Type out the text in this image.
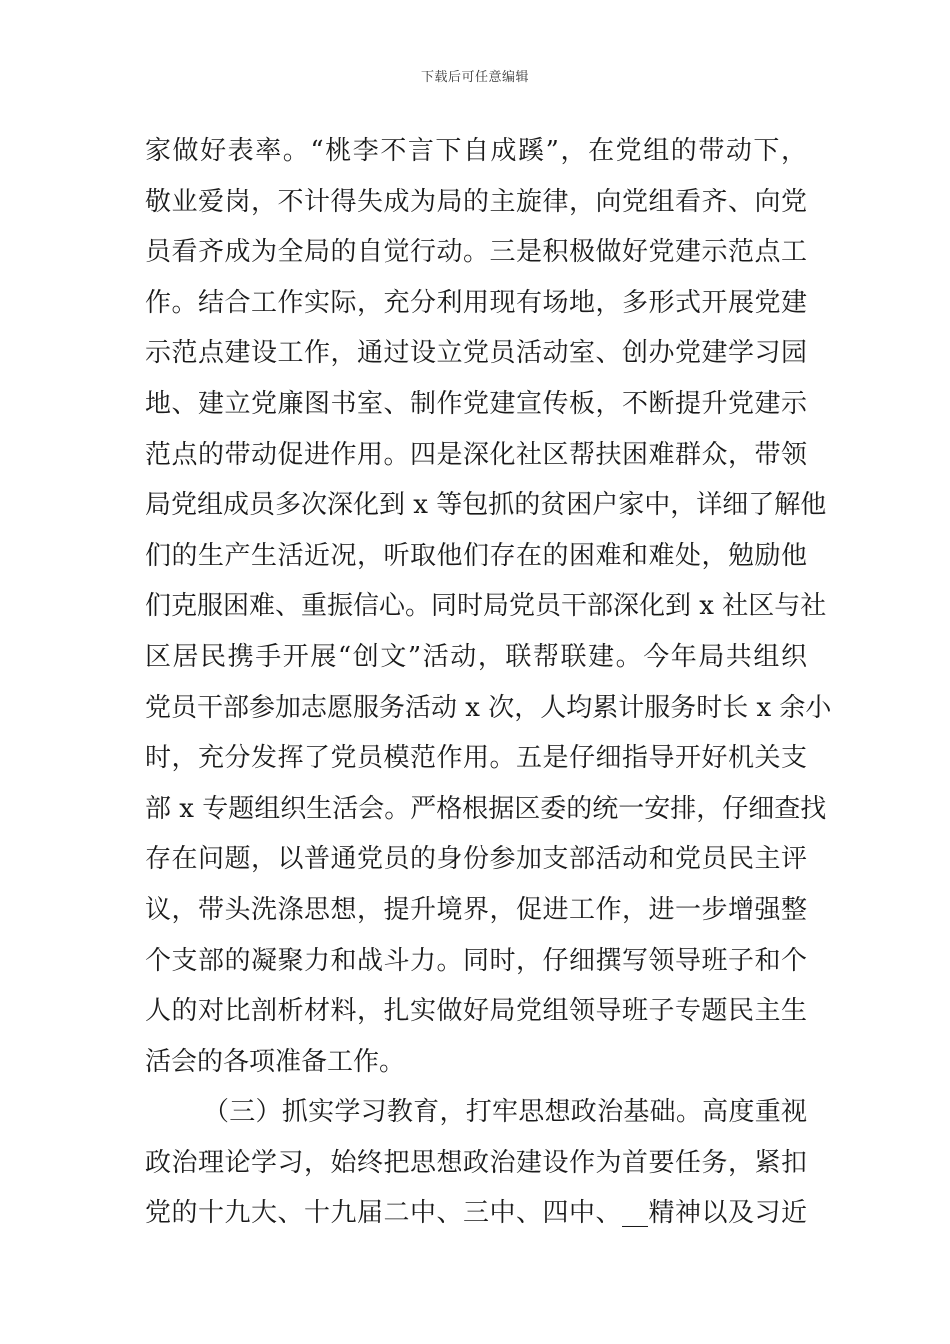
下载后可任意编辑
家做好表率。“桃李不言下自成蹊”，在党组的带动下，
敬业爱岗，不计得失成为局的主旋律，向党组看齐、向党
员看齐成为全局的自觉行动。三是积极做好党建示范点工
作。结合工作实际，充分利用现有场地，多形式开展党建
示范点建设工作，通过设立党员活动室、创办党建学习园
地、建立党廉图书室、制作党建宣传板，不断提升党建示
范点的带动促进作用。四是深化社区帮扶困难群众，带领
局党组成员多次深化到 x 等包抓的贫困户家中，详细了解他
们的生产生活近况，听取他们存在的困难和难处，勉励他
们克服困难、重振信心。同时局党员干部深化到 x 社区与社
区居民携手开展“创文”活动，联帮联建。今年局共组织
党员干部参加志愿服务活动 x 次，人均累计服务时长 x 余小
时，充分发挥了党员模范作用。五是仔细指导开好机关支
部 x 专题组织生活会。严格根据区委的统一安排，仔细查找
存在问题，以普通党员的身份参加支部活动和党员民主评
议，带头洗涤思想，提升境界，促进工作，进一步增强整
个支部的凝聚力和战斗力。同时，仔细撰写领导班子和个
人的对比剖析材料，扎实做好局党组领导班子专题民主生
活会的各项准备工作。
（三）抓实学习教育，打牢思想政治基础。高度重视
政治理论学习，始终把思想政治建设作为首要任务，紧扣
党的十九大、十九届二中、三中、四中、__精神以及习近
